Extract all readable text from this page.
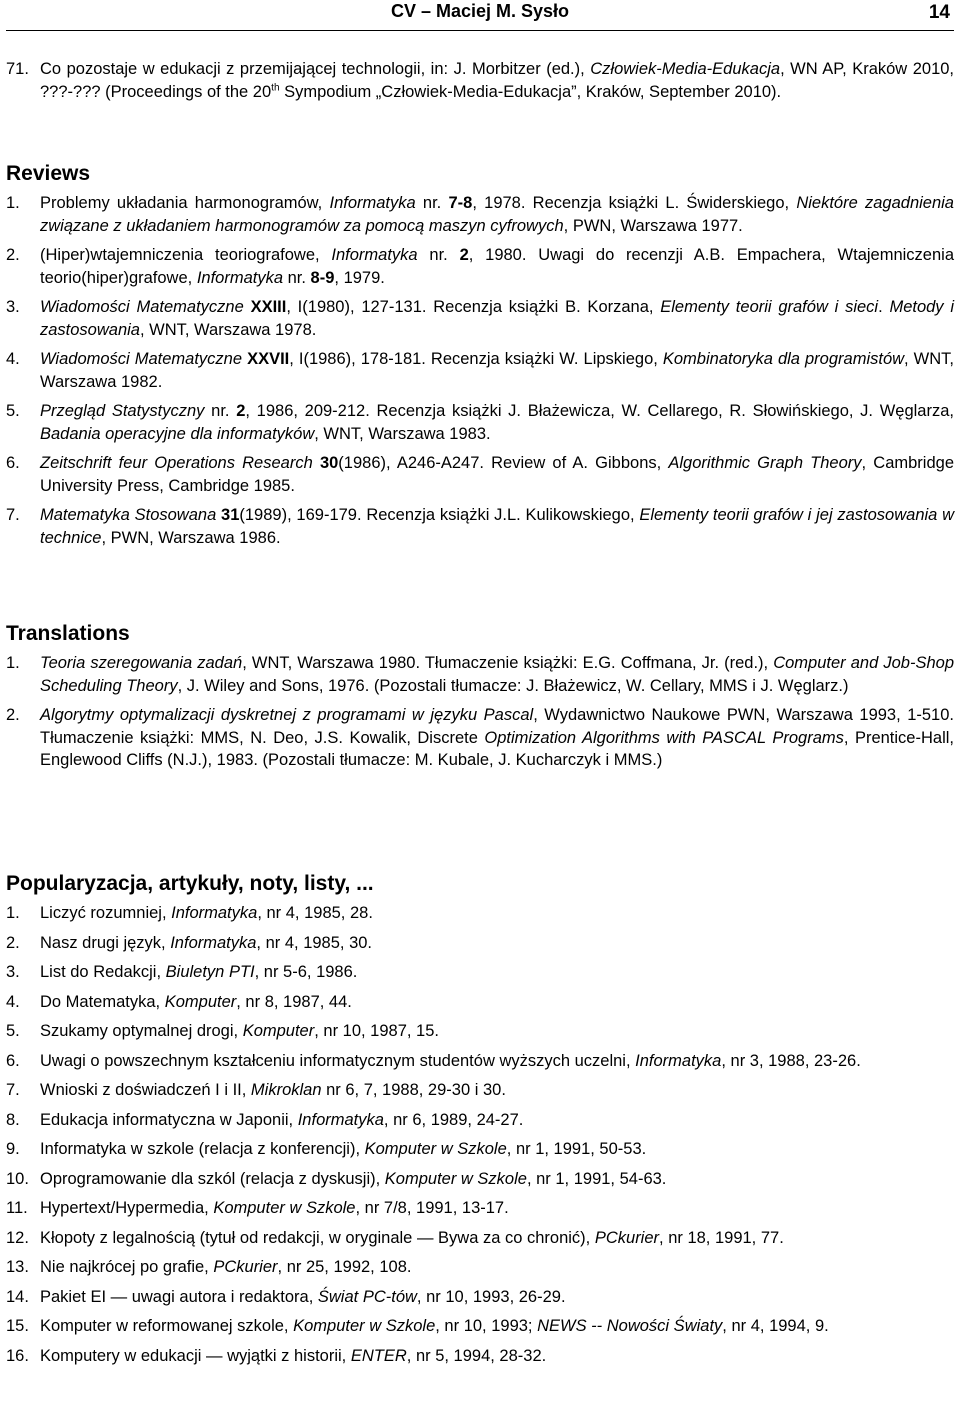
CV – Maciej M. Sysło	14
71. Co pozostaje w edukacji z przemijającej technologii, in: J. Morbitzer (ed.), Człowiek-Media-Edukacja, WN AP, Kraków 2010, ???-??? (Proceedings of the 20th Sympodium „Człowiek-Media-Edukacja”, Kraków, September 2010).
Reviews
1.	Problemy układania harmonogramów, Informatyka nr. 7-8, 1978. Recenzja książki L. Świderskiego, Niektóre zagadnienia związane z układaniem harmonogramów za pomocą maszyn cyfrowych, PWN, Warszawa 1977.
2.	(Hiper)wtajemniczenia teoriografowe, Informatyka nr. 2, 1980. Uwagi do recenzji A.B. Empachera, Wtajemniczenia teorio(hiper)grafowe, Informatyka nr. 8-9, 1979.
3.	Wiadomości Matematyczne XXIII, I(1980), 127-131. Recenzja książki B. Korzana, Elementy teorii grafów i sieci. Metody i zastosowania, WNT, Warszawa 1978.
4.	Wiadomości Matematyczne XXVII, I(1986), 178-181. Recenzja książki W. Lipskiego, Kombinatoryka dla programistów, WNT, Warszawa 1982.
5.	Przegląd Statystyczny nr. 2, 1986, 209-212. Recenzja książki J. Błażewicza, W. Cellarego, R. Słowińskiego, J. Węglarza, Badania operacyjne dla informatyków, WNT, Warszawa 1983.
6.	Zeitschrift feur Operations Research 30(1986), A246-A247. Review of A. Gibbons, Algorithmic Graph Theory, Cambridge University Press, Cambridge 1985.
7.	Matematyka Stosowana 31(1989), 169-179. Recenzja książki J.L. Kulikowskiego, Elementy teorii grafów i jej zastosowania w technice, PWN, Warszawa 1986.
Translations
1.	Teoria szeregowania zadań, WNT, Warszawa 1980. Tłumaczenie książki: E.G. Coffmana, Jr. (red.), Computer and Job-Shop Scheduling Theory, J. Wiley and Sons, 1976. (Pozostali tłumacze: J. Błażewicz, W. Cellary, MMS i J. Węglarz.)
2.	Algorytmy optymalizacji dyskretnej z programami w języku Pascal, Wydawnictwo Naukowe PWN, Warszawa 1993, 1-510. Tłumaczenie książki: MMS, N. Deo, J.S. Kowalik, Discrete Optimization Algorithms with PASCAL Programs, Prentice-Hall, Englewood Cliffs (N.J.), 1983. (Pozostali tłumacze: M. Kubale, J. Kucharczyk i MMS.)
Popularyzacja, artykuły, noty, listy, ...
1.	Liczyć rozumniej, Informatyka, nr 4, 1985, 28.
2.	Nasz drugi język, Informatyka, nr 4, 1985, 30.
3.	List do Redakcji, Biuletyn PTI, nr 5-6, 1986.
4.	Do Matematyka, Komputer, nr 8, 1987, 44.
5.	Szukamy optymalnej drogi, Komputer, nr 10, 1987, 15.
6.	Uwagi o powszechnym kształceniu informatycznym studentów wyższych uczelni, Informatyka, nr 3, 1988, 23-26.
7.	Wnioski z doświadczeń I i II, Mikroklan nr 6, 7, 1988, 29-30 i 30.
8.	Edukacja informatyczna w Japonii, Informatyka, nr 6, 1989, 24-27.
9.	Informatyka w szkole (relacja z konferencji), Komputer w Szkole, nr 1, 1991, 50-53.
10. Oprogramowanie dla szkól (relacja z dyskusji), Komputer w Szkole, nr 1, 1991, 54-63.
11. Hypertext/Hypermedia, Komputer w Szkole, nr 7/8, 1991, 13-17.
12. Kłopoty z legalnością (tytuł od redakcji, w oryginale — Bywa za co chronić), PCkurier, nr 18, 1991, 77.
13. Nie najkrócej po grafie, PCkurier, nr 25, 1992, 108.
14. Pakiet EI — uwagi autora i redaktora, Świat PC-tów, nr 10, 1993, 26-29.
15. Komputer w reformowanej szkole, Komputer w Szkole, nr 10, 1993; NEWS -- Nowości Światy, nr 4, 1994, 9.
16. Komputery w edukacji — wyjątki z historii, ENTER, nr 5, 1994, 28-32.
